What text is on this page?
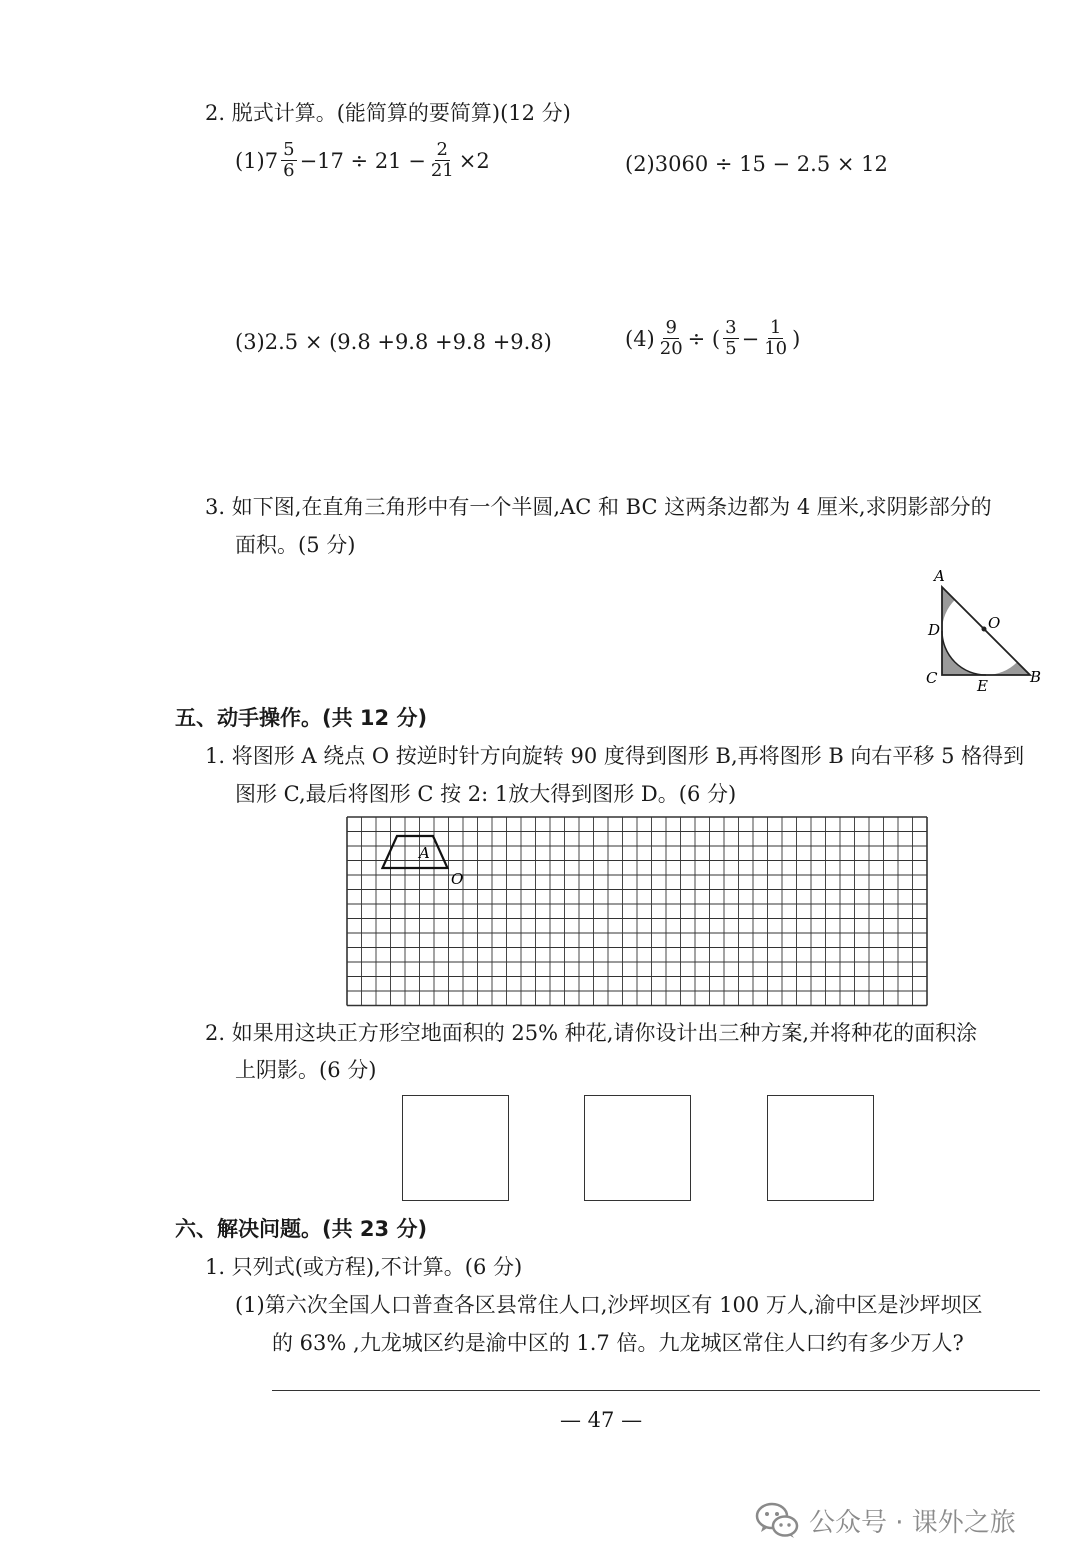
2. 脱式计算。(能简算的要简算)(12 分)
$(1)7 \frac{5}{6} -17 \div 21 - \frac{2}{21} \times 2$	(2)3060 ÷ 15 − 2.5 × 12
(3)2.5 × (9.8 +9.8 +9.8 +9.8)	$(4) \frac{9}{20}$ ÷ ( $\frac{3}{5} - \frac{1}{10}$ )
3. 如下图,在直角三角形中有一个半圆,AC 和 BC 这两条边都为 4 厘米,求阴影部分的
面积。(5 分)
A
O
D
C	E	B
五、动手操作。(共 12 分)
1. 将图形 A 绕点 O 按逆时针方向旋转 90 度得到图形 B,再将图形 B 向右平移 5 格得到
图形 C,最后将图形 C 按 2: 1放大得到图形 D。(6 分)
A
O
2. 如果用这块正方形空地面积的 25% 种花,请你设计出三种方案,并将种花的面积涂
上阴影。(6 分)
六、解决问题。(共 23 分)
1. 只列式(或方程),不计算。(6 分)
(1)第六次全国人口普查各区县常住人口,沙坪坝区有 100 万人,渝中区是沙坪坝区
的 63% ,九龙城区约是渝中区的 1.7 倍。九龙城区常住人口约有多少万人?
— 47 —
公众号 · 课外之旅
